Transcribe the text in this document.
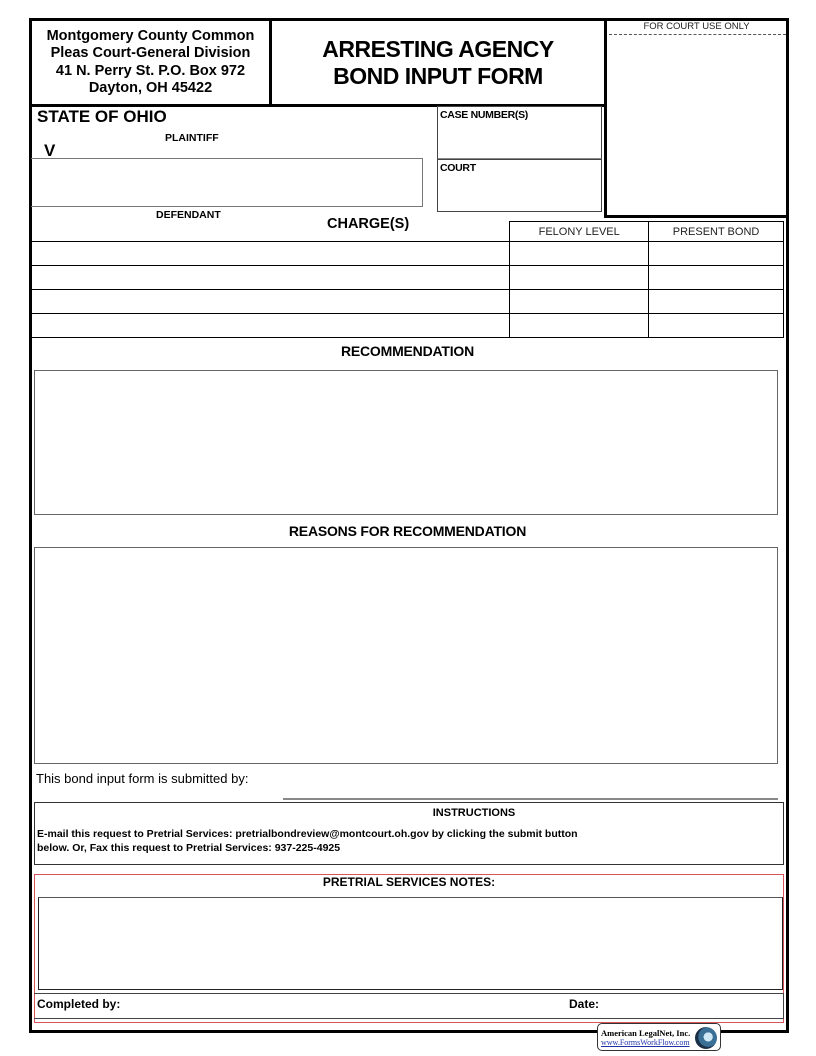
Montgomery County Common
Pleas Court-General Division
41 N. Perry St. P.O. Box 972
Dayton, OH 45422
ARRESTING AGENCY
BOND INPUT FORM
FOR COURT USE ONLY
STATE OF OHIO
PLAINTIFF
V
DEFENDANT
CASE NUMBER(S)
COURT
CHARGE(S)
		FELONY LEVEL	PRESENT BOND

RECOMMENDATION
REASONS FOR RECOMMENDATION
This bond input form is submitted by:
INSTRUCTIONS
E-mail this request to Pretrial Services: pretrialbondreview@montcourt.oh.gov by clicking the submit button
below. Or, Fax this request to Pretrial Services: 937-225-4925
PRETRIAL SERVICES NOTES:
Completed by:	Date:
American LegalNet, Inc.
www.FormsWorkFlow.com
